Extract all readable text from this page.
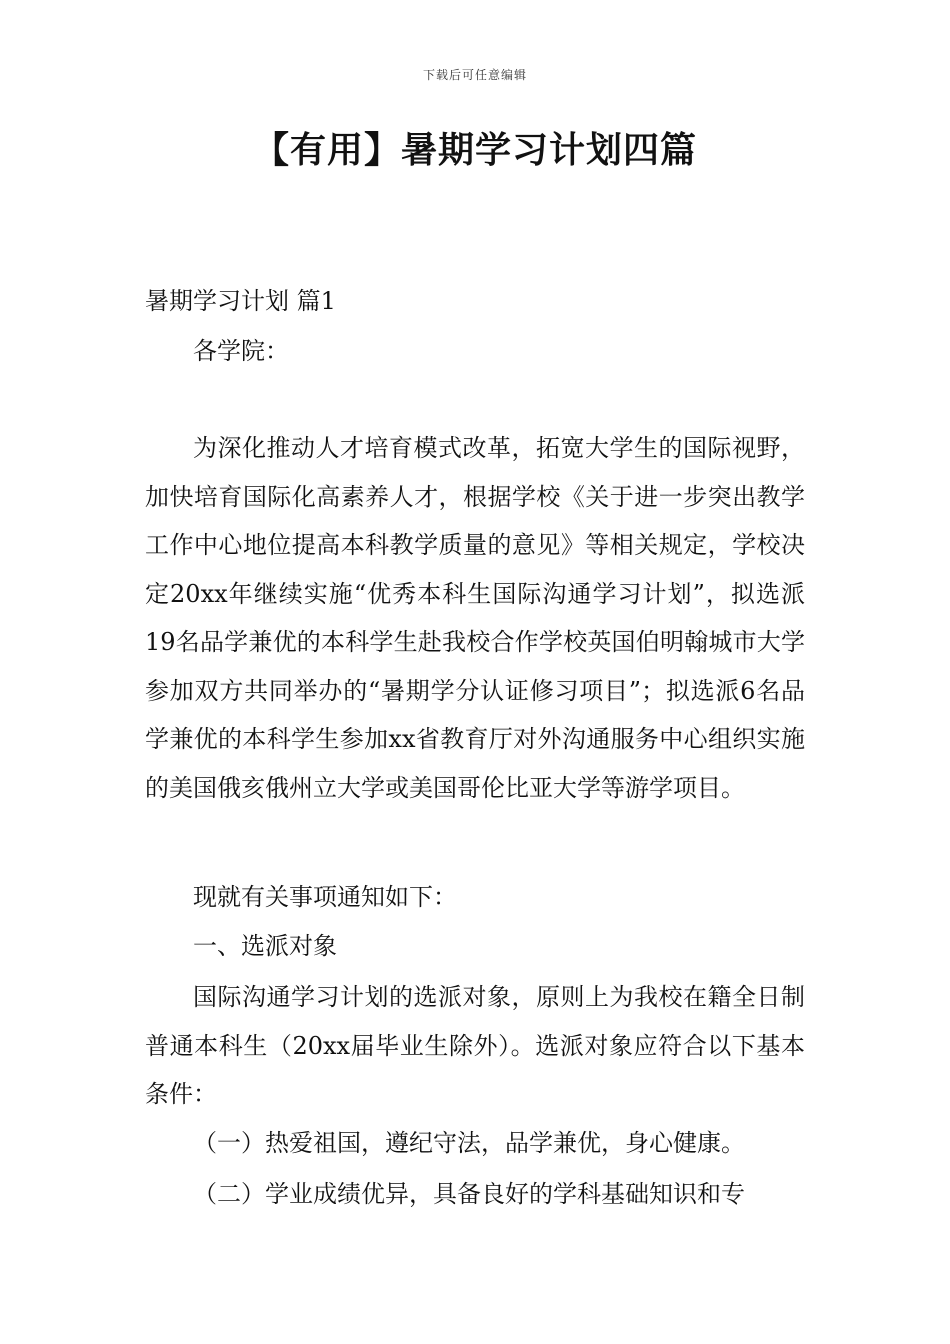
下载后可任意编辑
【有用】暑期学习计划四篇
暑期学习计划 篇1
各学院：

为深化推动人才培育模式改革，拓宽大学生的国际视野，加快培育国际化高素养人才，根据学校《关于进一步突出教学工作中心地位提高本科教学质量的意见》等相关规定，学校决定20xx年继续实施“优秀本科生国际沟通学习计划”，拟选派19名品学兼优的本科学生赴我校合作学校英国伯明翰城市大学参加双方共同举办的“暑期学分认证修习项目”；拟选派6名品学兼优的本科学生参加xx省教育厅对外沟通服务中心组织实施的美国俄亥俄州立大学或美国哥伦比亚大学等游学项目。

现就有关事项通知如下：

一、选派对象

国际沟通学习计划的选派对象，原则上为我校在籍全日制普通本科生（20xx届毕业生除外）。选派对象应符合以下基本条件：

（一）热爱祖国，遵纪守法，品学兼优，身心健康。

（二）学业成绩优异，具备良好的学科基础知识和专
